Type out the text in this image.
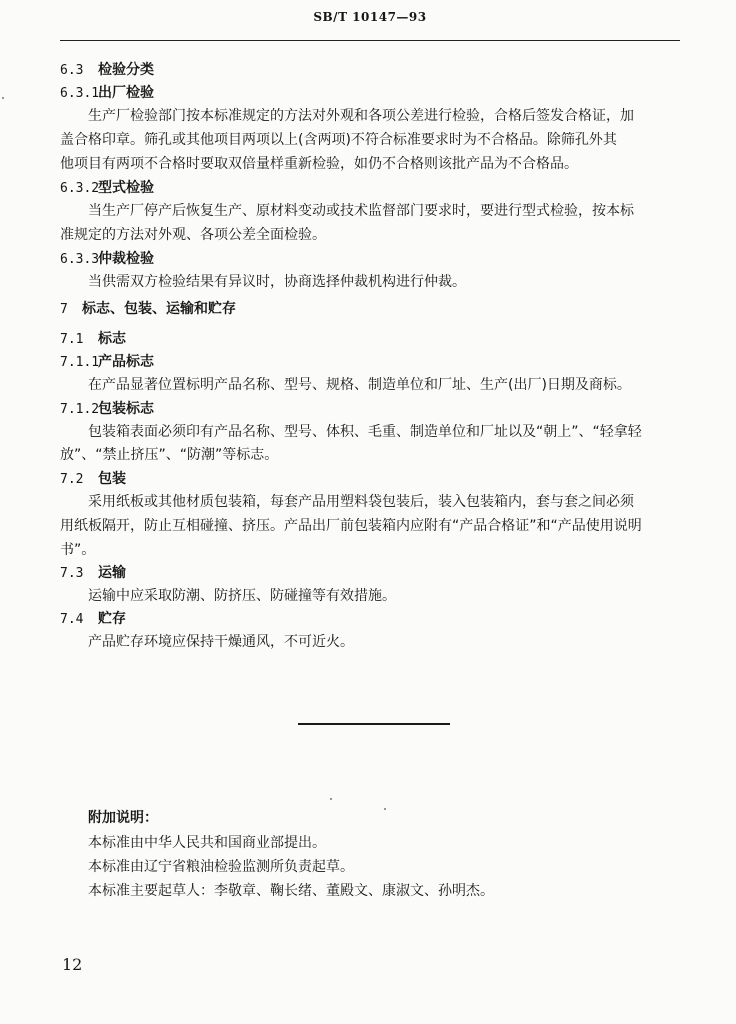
SB/T 10147—93
6.3 检验分类
6.3.1出厂检验
生产厂检验部门按本标准规定的方法对外观和各项公差进行检验，合格后签发合格证，加
盖合格印章。筛孔或其他项目两项以上(含两项)不符合标准要求时为不合格品。除筛孔外其
他项目有两项不合格时要取双倍量样重新检验，如仍不合格则该批产品为不合格品。
6.3.2型式检验
当生产厂停产后恢复生产、原材料变动或技术监督部门要求时，要进行型式检验，按本标
准规定的方法对外观、各项公差全面检验。
6.3.3仲裁检验
当供需双方检验结果有异议时，协商选择仲裁机构进行仲裁。
7 标志、包装、运输和贮存
7.1 标志
7.1.1产品标志
在产品显著位置标明产品名称、型号、规格、制造单位和厂址、生产(出厂)日期及商标。
7.1.2包装标志
包装箱表面必须印有产品名称、型号、体积、毛重、制造单位和厂址以及“朝上”、“轻拿轻
放”、“禁止挤压”、“防潮”等标志。
7.2 包装
采用纸板或其他材质包装箱，每套产品用塑料袋包装后，装入包装箱内，套与套之间必须
用纸板隔开，防止互相碰撞、挤压。产品出厂前包装箱内应附有“产品合格证”和“产品使用说明
书”。
7.3 运输
运输中应采取防潮、防挤压、防碰撞等有效措施。
7.4 贮存
产品贮存环境应保持干燥通风，不可近火。
附加说明：
本标准由中华人民共和国商业部提出。
本标准由辽宁省粮油检验监测所负责起草。
本标准主要起草人：李敬章、鞠长绪、董殿文、康淑文、孙明杰。
12
